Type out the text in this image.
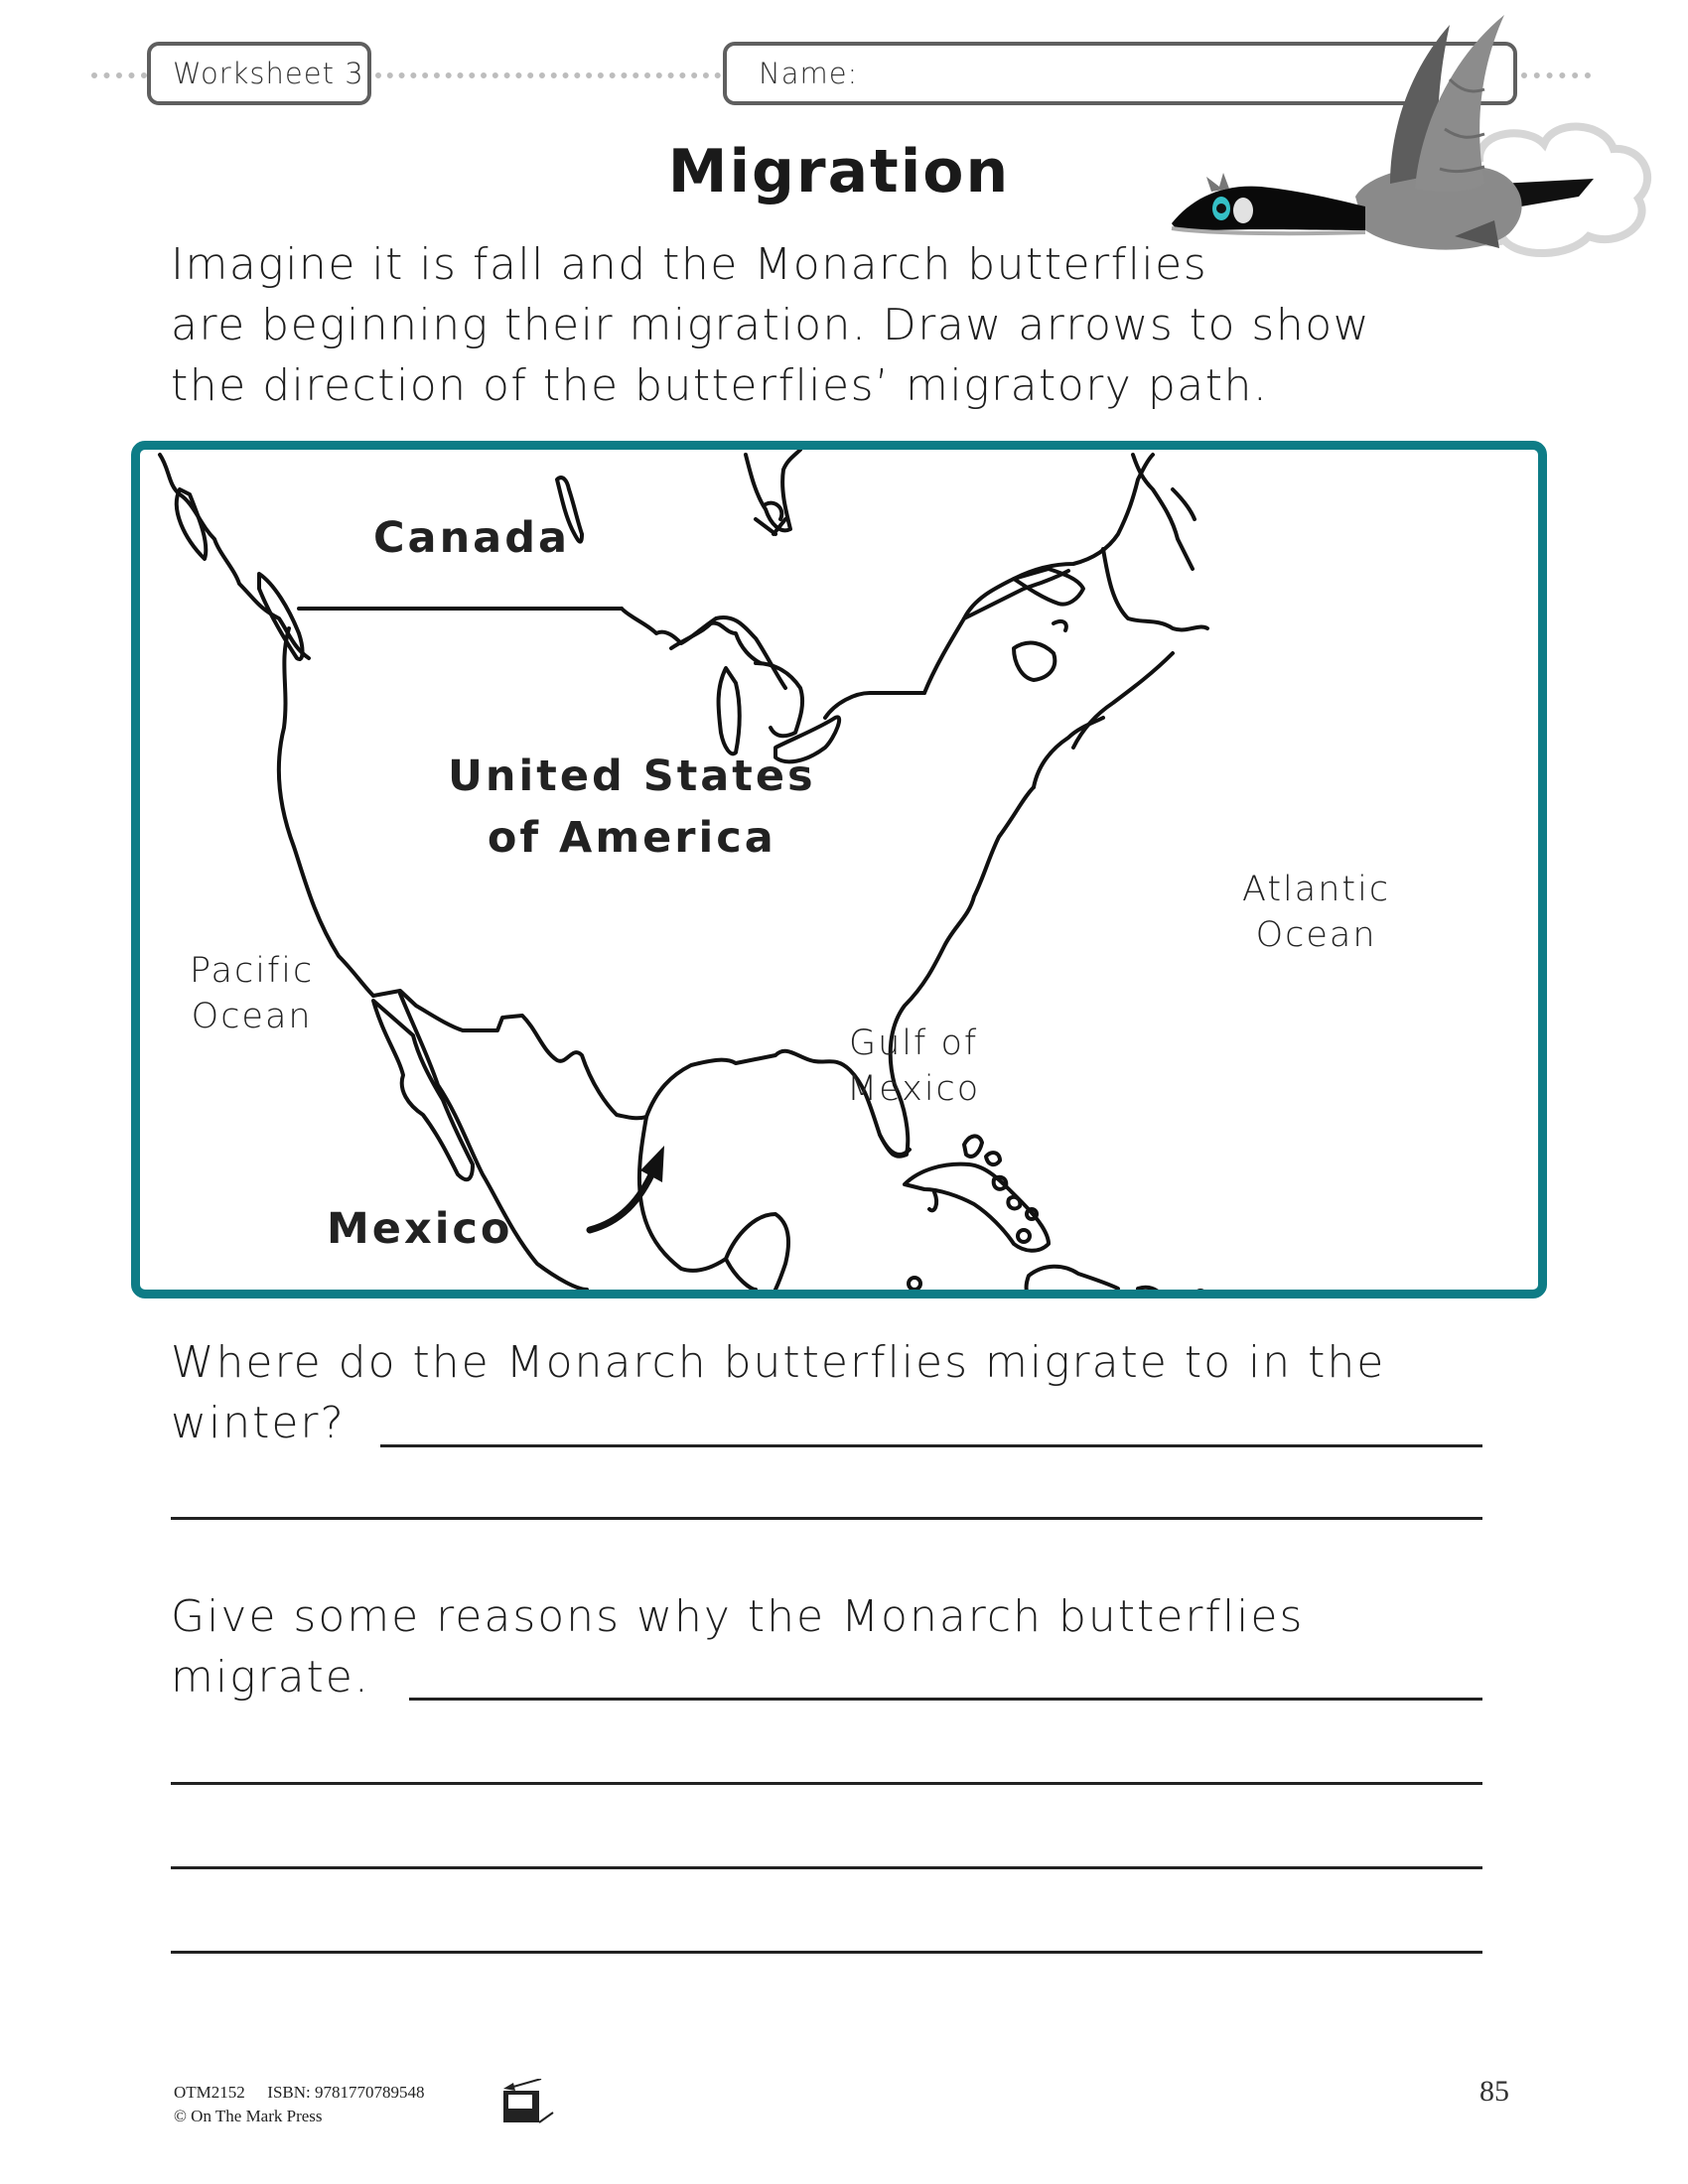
Worksheet 3	Name:
Migration
Imagine it is fall and the Monarch butterflies
are beginning their migration. Draw arrows to show
the direction of the butterflies’ migratory path.
Canada
United States
of America
Mexico
Pacific
Ocean
Atlantic
Ocean
Gulf of
Mexico
Where do the Monarch butterflies migrate to in the
winter?
Give some reasons why the Monarch butterflies
migrate.
OTM2152 ISBN: 9781770789548
© On The Mark Press
85
